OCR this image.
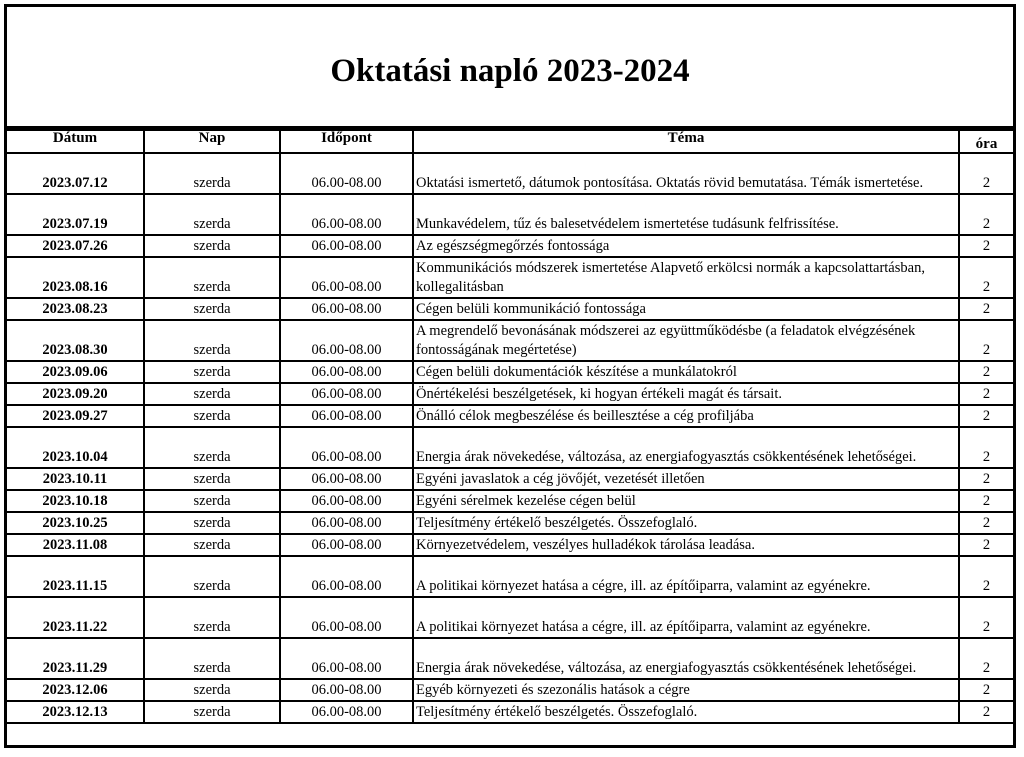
Oktatási napló 2023-2024
Dátum	Nap	Időpont	Téma	óra
2023.07.12	szerda	06.00-08.00	Oktatási ismertető, dátumok pontosítása. Oktatás rövid bemutatása. Témák ismertetése.	2
2023.07.19	szerda	06.00-08.00	Munkavédelem, tűz és balesetvédelem ismertetése tudásunk felfrissítése.	2
2023.07.26	szerda	06.00-08.00	Az egészségmegőrzés fontossága	2
2023.08.16	szerda	06.00-08.00	Kommunikációs módszerek ismertetése Alapvető erkölcsi normák a kapcsolattartásban, kollegalitásban	2
2023.08.23	szerda	06.00-08.00	Cégen belüli kommunikáció fontossága	2
2023.08.30	szerda	06.00-08.00	A megrendelő bevonásának módszerei az együttműködésbe (a feladatok elvégzésének fontosságának megértetése)	2
2023.09.06	szerda	06.00-08.00	Cégen belüli dokumentációk készítése a munkálatokról	2
2023.09.20	szerda	06.00-08.00	Önértékelési beszélgetések, ki hogyan értékeli magát és társait.	2
2023.09.27	szerda	06.00-08.00	Önálló célok megbeszélése és beillesztése a cég profiljába	2
2023.10.04	szerda	06.00-08.00	Energia árak növekedése, változása, az energiafogyasztás csökkentésének lehetőségei.	2
2023.10.11	szerda	06.00-08.00	Egyéni javaslatok a cég jövőjét, vezetését illetően	2
2023.10.18	szerda	06.00-08.00	Egyéni sérelmek kezelése cégen belül	2
2023.10.25	szerda	06.00-08.00	Teljesítmény értékelő beszélgetés. Összefoglaló.	2
2023.11.08	szerda	06.00-08.00	Környezetvédelem, veszélyes hulladékok tárolása leadása.	2
2023.11.15	szerda	06.00-08.00	A politikai környezet hatása a cégre, ill. az építőiparra, valamint az egyénekre.	2
2023.11.22	szerda	06.00-08.00	A politikai környezet hatása a cégre, ill. az építőiparra, valamint az egyénekre.	2
2023.11.29	szerda	06.00-08.00	Energia árak növekedése, változása, az energiafogyasztás csökkentésének lehetőségei.	2
2023.12.06	szerda	06.00-08.00	Egyéb környezeti és szezonális hatások a cégre	2
2023.12.13	szerda	06.00-08.00	Teljesítmény értékelő beszélgetés. Összefoglaló.	2
